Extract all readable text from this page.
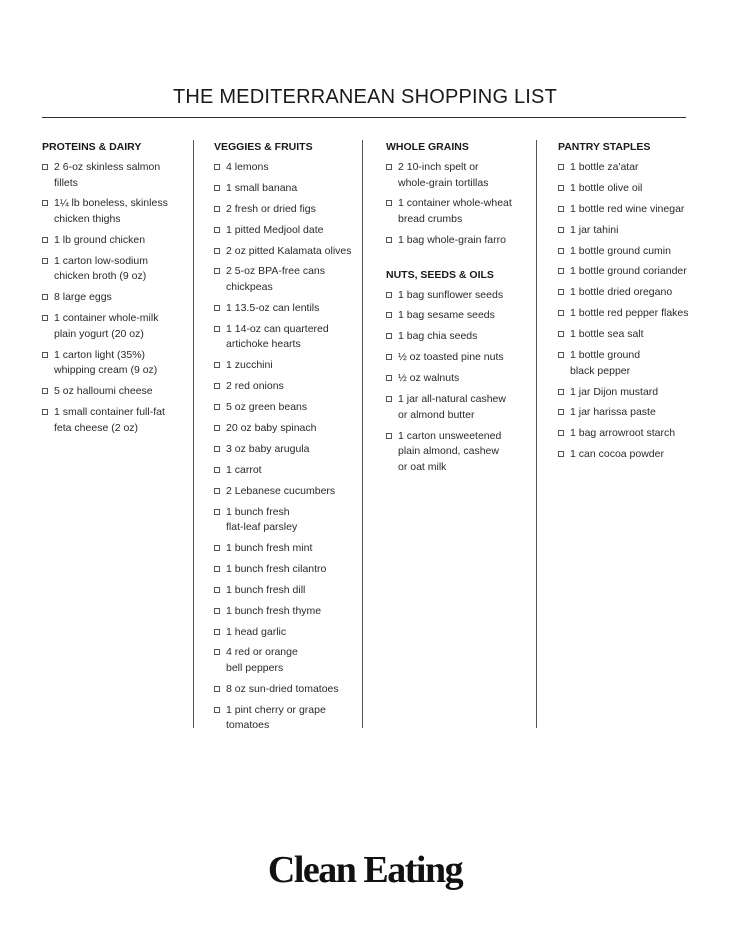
THE MEDITERRANEAN SHOPPING LIST
PROTEINS & DAIRY
2 6-oz skinless salmon
fillets
1¼ lb boneless, skinless
chicken thighs
1 lb ground chicken
1 carton low-sodium
chicken broth (9 oz)
8 large eggs
1 container whole-milk
plain yogurt (20 oz)
1 carton light (35%)
whipping cream (9 oz)
5 oz halloumi cheese
1 small container full-fat
feta cheese (2 oz)
VEGGIES & FRUITS
4 lemons
1 small banana
2 fresh or dried figs
1 pitted Medjool date
2 oz pitted Kalamata olives
2 5-oz BPA-free cans
chickpeas
1 13.5-oz can lentils
1 14-oz can quartered
artichoke hearts
1 zucchini
2 red onions
5 oz green beans
20 oz baby spinach
3 oz baby arugula
1 carrot
2 Lebanese cucumbers
1 bunch fresh
flat-leaf parsley
1 bunch fresh mint
1 bunch fresh cilantro
1 bunch fresh dill
1 bunch fresh thyme
1 head garlic
4 red or orange
bell peppers
8 oz sun-dried tomatoes
1 pint cherry or grape
tomatoes
WHOLE GRAINS
2 10-inch spelt or
whole-grain tortillas
1 container whole-wheat
bread crumbs
1 bag whole-grain farro
NUTS, SEEDS & OILS
1 bag sunflower seeds
1 bag sesame seeds
1 bag chia seeds
½ oz toasted pine nuts
½ oz walnuts
1 jar all-natural cashew
or almond butter
1 carton unsweetened
plain almond, cashew
or oat milk
PANTRY STAPLES
1 bottle za'atar
1 bottle olive oil
1 bottle red wine vinegar
1 jar tahini
1 bottle ground cumin
1 bottle ground coriander
1 bottle dried oregano
1 bottle red pepper flakes
1 bottle sea salt
1 bottle ground
black pepper
1 jar Dijon mustard
1 jar harissa paste
1 bag arrowroot starch
1 can cocoa powder
Clean Eating
